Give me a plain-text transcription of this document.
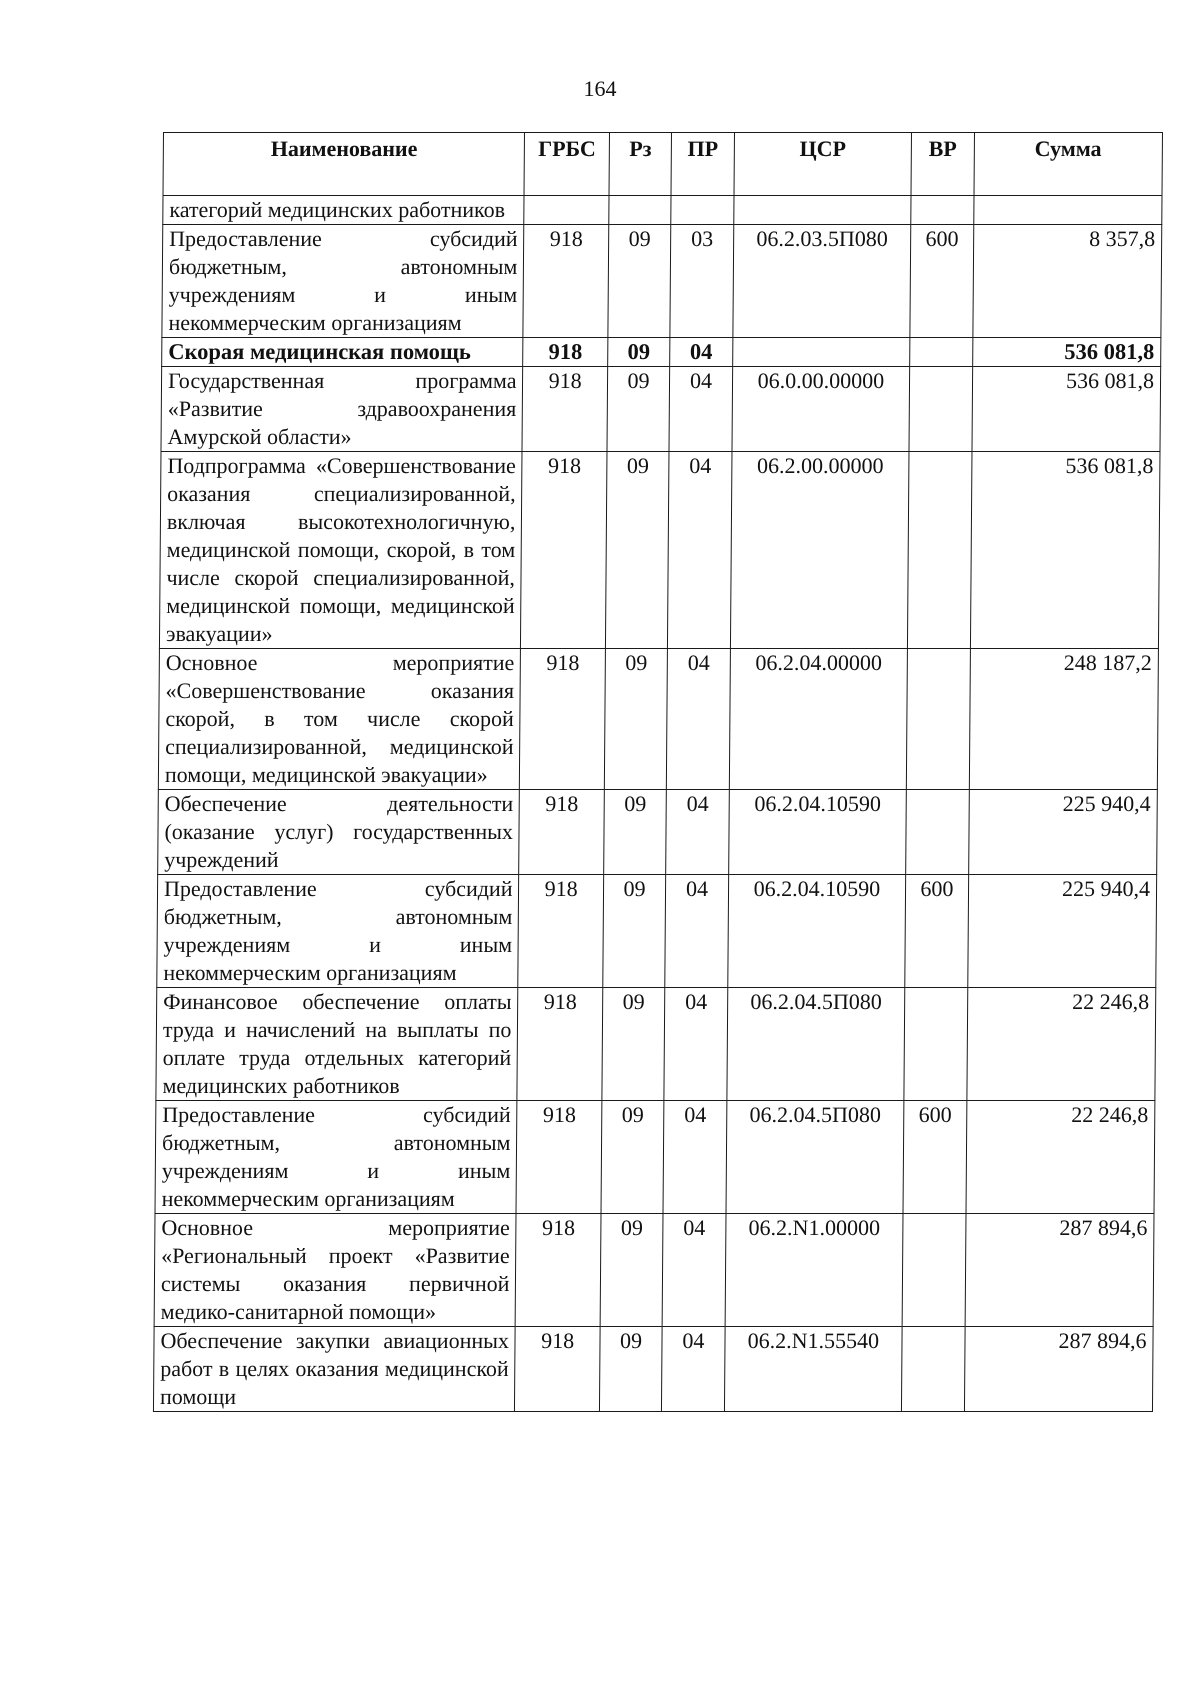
164
Наименование	ГРБС	Рз	ПР	ЦСР	ВР	Сумма
категорий медицинских работников						
Предоставление субсидий бюджетным, автономным учреждениям и иным некоммерческим организациям	918	09	03	06.2.03.5П080	600	8 357,8
Скорая медицинская помощь	918	09	04			536 081,8
Государственная программа «Развитие здравоохранения Амурской области»	918	09	04	06.0.00.00000		536 081,8
Подпрограмма «Совершенствование оказания специализированной, включая высокотехнологичную, медицинской помощи, скорой, в том числе скорой специализированной, медицинской помощи, медицинской эвакуации»	918	09	04	06.2.00.00000		536 081,8
Основное мероприятие «Совершенствование оказания скорой, в том числе скорой специализированной, медицинской помощи, медицинской эвакуации»	918	09	04	06.2.04.00000		248 187,2
Обеспечение деятельности (оказание услуг) государственных учреждений	918	09	04	06.2.04.10590		225 940,4
Предоставление субсидий бюджетным, автономным учреждениям и иным некоммерческим организациям	918	09	04	06.2.04.10590	600	225 940,4
Финансовое обеспечение оплаты труда и начислений на выплаты по оплате труда отдельных категорий медицинских работников	918	09	04	06.2.04.5П080		22 246,8
Предоставление субсидий бюджетным, автономным учреждениям и иным некоммерческим организациям	918	09	04	06.2.04.5П080	600	22 246,8
Основное мероприятие «Региональный проект «Развитие системы оказания первичной медико-санитарной помощи»	918	09	04	06.2.N1.00000		287 894,6
Обеспечение закупки авиационных работ в целях оказания медицинской помощи	918	09	04	06.2.N1.55540		287 894,6
